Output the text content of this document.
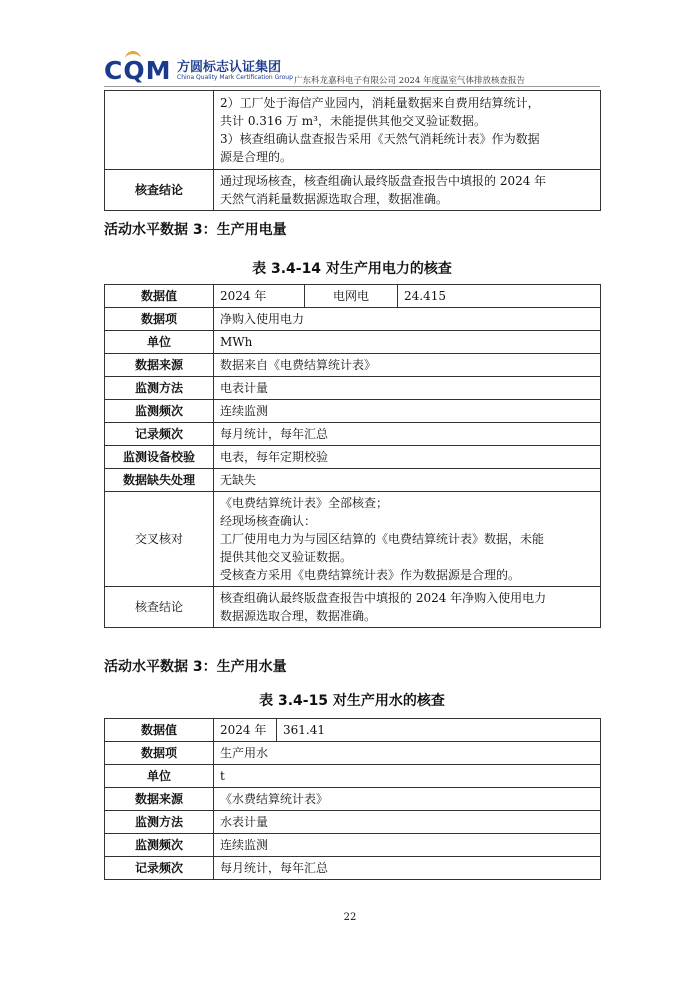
CQM 方圆标志认证集团
China Quality Mark Certification Group 广东科龙嘉科电子有限公司 2024 年度温室气体排放核查报告

	2）工厂处于海信产业园内，消耗量数据来自费用结算统计，
共计 0.316 万 m³，未能提供其他交叉验证数据。
3）核查组确认盘查报告采用《天然气消耗统计表》作为数据
源是合理的。

核查结论	通过现场核查，核查组确认最终版盘查报告中填报的 2024 年
天然气消耗量数据源选取合理，数据准确。
活动水平数据 3：生产用电量
表 3.4-14 对生产用电力的核查
数据值	2024 年	电网电	24.415
数据项	净购入使用电力		
单位	MWh		
数据来源	数据来自《电费结算统计表》		
监测方法	电表计量		
监测频次	连续监测		
记录频次	每月统计，每年汇总		
监测设备校验	电表，每年定期校验		
数据缺失处理	无缺失		
交叉核对	《电费结算统计表》全部核查；
经现场核查确认：
工厂使用电力为与园区结算的《电费结算统计表》数据，未能
提供其他交叉验证数据。
受核查方采用《电费结算统计表》作为数据源是合理的。		

核查结论	核查组确认最终版盘查报告中填报的 2024 年净购入使用电力
数据源选取合理，数据准确。		
活动水平数据 3：生产用水量
表 3.4-15 对生产用水的核查
数据值	2024 年	361.41
数据项	生产用水	
单位	t	
数据来源	《水费结算统计表》	
监测方法	水表计量	
监测频次	连续监测	
记录频次	每月统计，每年汇总	
22
